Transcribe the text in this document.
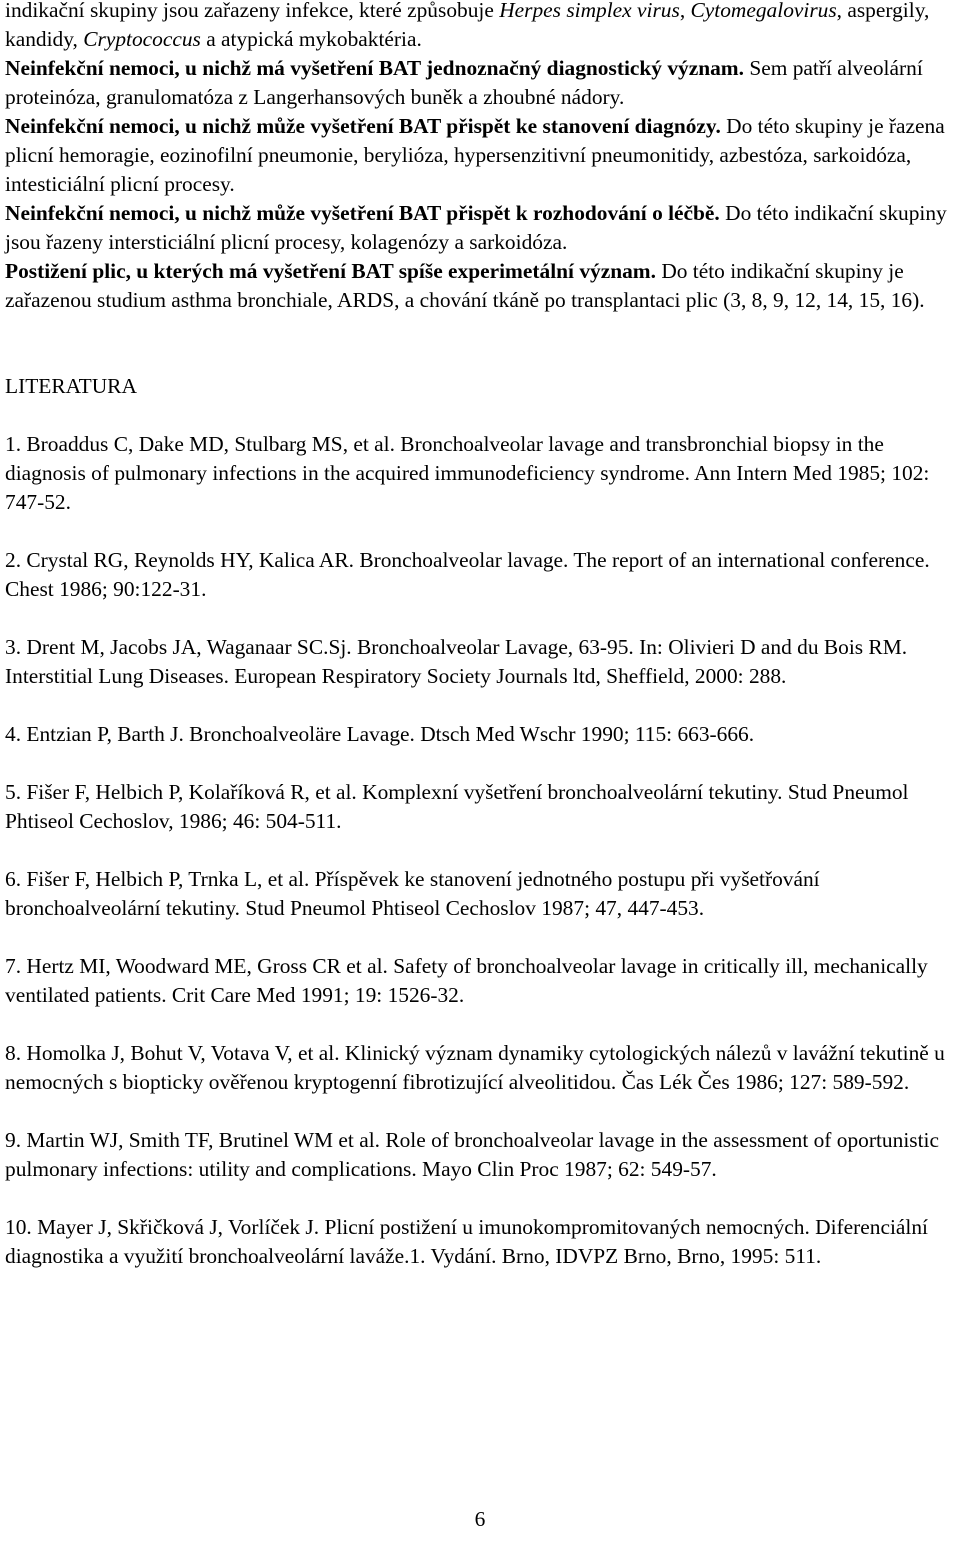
indikační skupiny jsou zařazeny infekce, které způsobuje Herpes simplex virus, Cytomegalovirus, aspergily, kandidy, Cryptococcus a atypická mykobaktéria.
Neinfekční nemoci, u nichž má vyšetření BAT jednoznačný diagnostický význam. Sem patří alveolární proteinóza, granulomatóza z Langerhansových buněk a zhoubné nádory.
Neinfekční nemoci, u nichž může vyšetření BAT přispět ke stanovení diagnózy. Do této skupiny je řazena plicní hemoragie, eozinofilní pneumonie, berylióza, hypersenzitivní pneumonitidy, azbestóza, sarkoidóza, intesticiální plicní procesy.
Neinfekční nemoci, u nichž může vyšetření BAT přispět k rozhodování o léčbě. Do této indikační skupiny jsou řazeny intersticiální plicní procesy, kolagenózy a sarkoidóza.
Postižení plic, u kterých má vyšetření BAT spíše experimetální význam. Do této indikační skupiny je zařazenou studium asthma bronchiale, ARDS, a chování tkáně po transplantaci plic (3, 8, 9, 12, 14, 15, 16).

LITERATURA

1. Broaddus C, Dake MD, Stulbarg MS, et al. Bronchoalveolar lavage and transbronchial biopsy in the diagnosis of pulmonary infections in the acquired immunodeficiency syndrome. Ann Intern Med 1985; 102: 747-52.

2. Crystal RG, Reynolds HY, Kalica AR. Bronchoalveolar lavage. The report of an international conference. Chest 1986; 90:122-31.

3. Drent M, Jacobs JA, Waganaar SC.Sj. Bronchoalveolar Lavage, 63-95. In: Olivieri D and du Bois RM. Interstitial Lung Diseases. European Respiratory Society Journals ltd, Sheffield, 2000: 288.

4. Entzian P, Barth J. Bronchoalveoläre Lavage. Dtsch Med Wschr 1990; 115: 663-666.

5. Fišer F, Helbich P, Kolaříková R, et al. Komplexní vyšetření bronchoalveolární tekutiny. Stud Pneumol Phtiseol Cechoslov, 1986; 46: 504-511.

6. Fišer F, Helbich P, Trnka L, et al. Příspěvek ke stanovení jednotného postupu při vyšetřování bronchoalveolární tekutiny. Stud Pneumol Phtiseol Cechoslov 1987; 47, 447-453.

7. Hertz MI, Woodward ME, Gross CR et al. Safety of bronchoalveolar lavage in critically ill, mechanically ventilated patients. Crit Care Med 1991; 19: 1526-32.

8. Homolka J, Bohut V, Votava V, et al. Klinický význam dynamiky cytologických nálezů v lavážní tekutině u nemocných s biopticky ověřenou kryptogenní fibrotizující alveolitidou. Čas Lék Čes 1986; 127: 589-592.

9. Martin WJ, Smith TF, Brutinel WM et al. Role of bronchoalveolar lavage in the assessment of oportunistic pulmonary infections: utility and complications. Mayo Clin Proc 1987; 62: 549-57.

10. Mayer J, Skřičková J, Vorlíček J. Plicní postižení u imunokompromitovaných nemocných. Diferenciální diagnostika a využití bronchoalveolární laváže.1. Vydání. Brno, IDVPZ Brno, Brno, 1995: 511.

6
